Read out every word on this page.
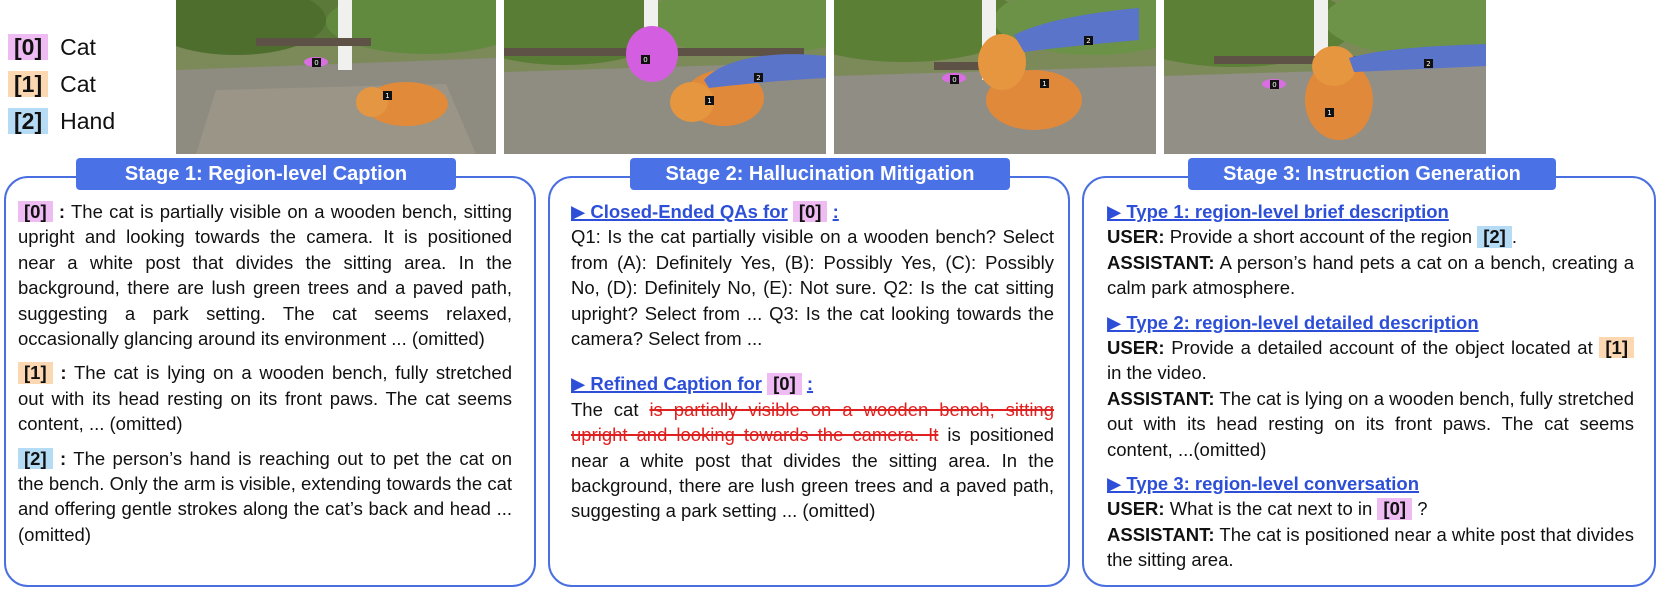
[0] Cat
[1] Cat
[2] Hand
0
1
0
1
2	0	1
2
0
1
2
Stage 1: Region-level Caption
[0] : The cat is partially visible on a wooden bench, sitting upright and looking towards the camera. It is positioned near a white post that divides the sitting area. In the background, there are lush green trees and a paved path, suggesting a park setting. The cat seems relaxed, occasionally glancing around its environment ... (omitted)
[1] : The cat is lying on a wooden bench, fully stretched out with its head resting on its front paws. The cat seems content, ... (omitted)
[2] : The person’s hand is reaching out to pet the cat on the bench. Only the arm is visible, extending towards the cat and offering gentle strokes along the cat’s back and head ... (omitted)
Stage 2: Hallucination Mitigation
▶ Closed-Ended QAs for [0] :
Q1: Is the cat partially visible on a wooden bench? Select from (A): Definitely Yes, (B): Possibly Yes, (C): Possibly No, (D): Definitely No, (E): Not sure. Q2: Is the cat sitting upright? Select from ... Q3: Is the cat looking towards the camera? Select from ...
▶ Refined Caption for [0] :
The cat is partially visible on a wooden bench, sitting upright and looking towards the camera. It is positioned near a white post that divides the sitting area. In the background, there are lush green trees and a paved path, suggesting a park setting ... (omitted)
Stage 3: Instruction Generation
▶ Type 1: region-level brief description
USER: Provide a short account of the region [2] .
ASSISTANT: A person’s hand pets a cat on a bench, creating a calm park atmosphere.
▶ Type 2: region-level detailed description
USER: Provide a detailed account of the object located at [1] in the video.
ASSISTANT: The cat is lying on a wooden bench, fully stretched out with its head resting on its front paws. The cat seems content, ...(omitted)
▶ Type 3: region-level conversation
USER: What is the cat next to in [0] ?
ASSISTANT: The cat is positioned near a white post that divides the sitting area.
